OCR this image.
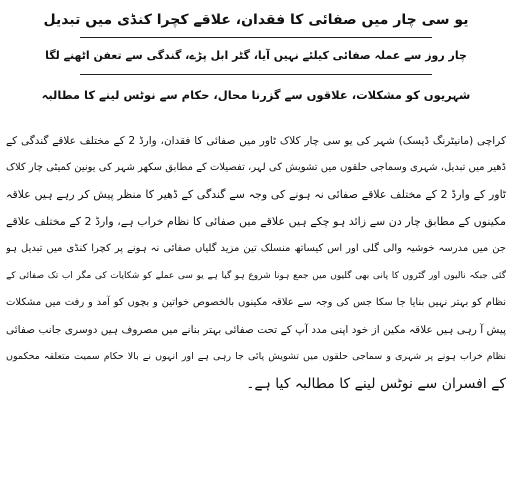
یو سی چار میں صفائی کا فقدان، علاقے کچرا کنڈی میں تبدیل
چار روز سے عملہ صفائی کیلئے نہیں آیا، گٹر ابل پڑے، گندگی سے تعفن اٹھنے لگا
شہریوں کو مشکلات، علاقوں سے گزرنا محال، حکام سے نوٹس لینے کا مطالبہ
کراچی (مانیٹرنگ ڈیسک) شہر کی یو سی چار کلاک ٹاور میں صفائی کا فقدان، وارڈ 2 کے مختلف علاقے گندگی کے
ڈھیر میں تبدیل، شہری وسماجی حلقوں میں تشویش کی لہر، تفصیلات کے مطابق سکھر شہر کی یونین کمیٹی چار کلاک
ٹاور کے وارڈ 2 کے مختلف علاقے صفائی نہ ہونے کی وجہ سے گندگی کے ڈھیر کا منظر پیش کر رہے ہیں علاقہ
مکینوں کے مطابق چار دن سے زائد ہو چکے ہیں علاقے میں صفائی کا نظام خراب ہے، وارڈ 2 کے مختلف علاقے
جن میں مدرسہ خوشیہ والی گلی اور اس کیساتھ منسلک تین مزید گلیاں صفائی نہ ہونے پر کچرا کنڈی میں تبدیل ہو
گئی جبکہ نالیوں اور گٹروں کا پانی بھی گلیوں میں جمع ہونا شروع ہو گیا ہے یو سی عملے کو شکایات کی مگر اب تک صفائی کے
نظام کو بہتر نہیں بنایا جا سکا جس کی وجہ سے علاقہ مکینوں بالخصوص خواتین و بچوں کو آمد و رفت میں مشکلات
پیش آ رہی ہیں علاقہ مکین از خود اپنی مدد آپ کے تحت صفائی بہتر بنانے میں مصروف ہیں دوسری جانب صفائی
نظام خراب ہونے پر شہری و سماجی حلقوں میں تشویش پائی جا رہی ہے اور انہوں نے بالا حکام سمیت متعلقہ محکموں
کے افسران سے نوٹس لینے کا مطالبہ کیا ہے۔
